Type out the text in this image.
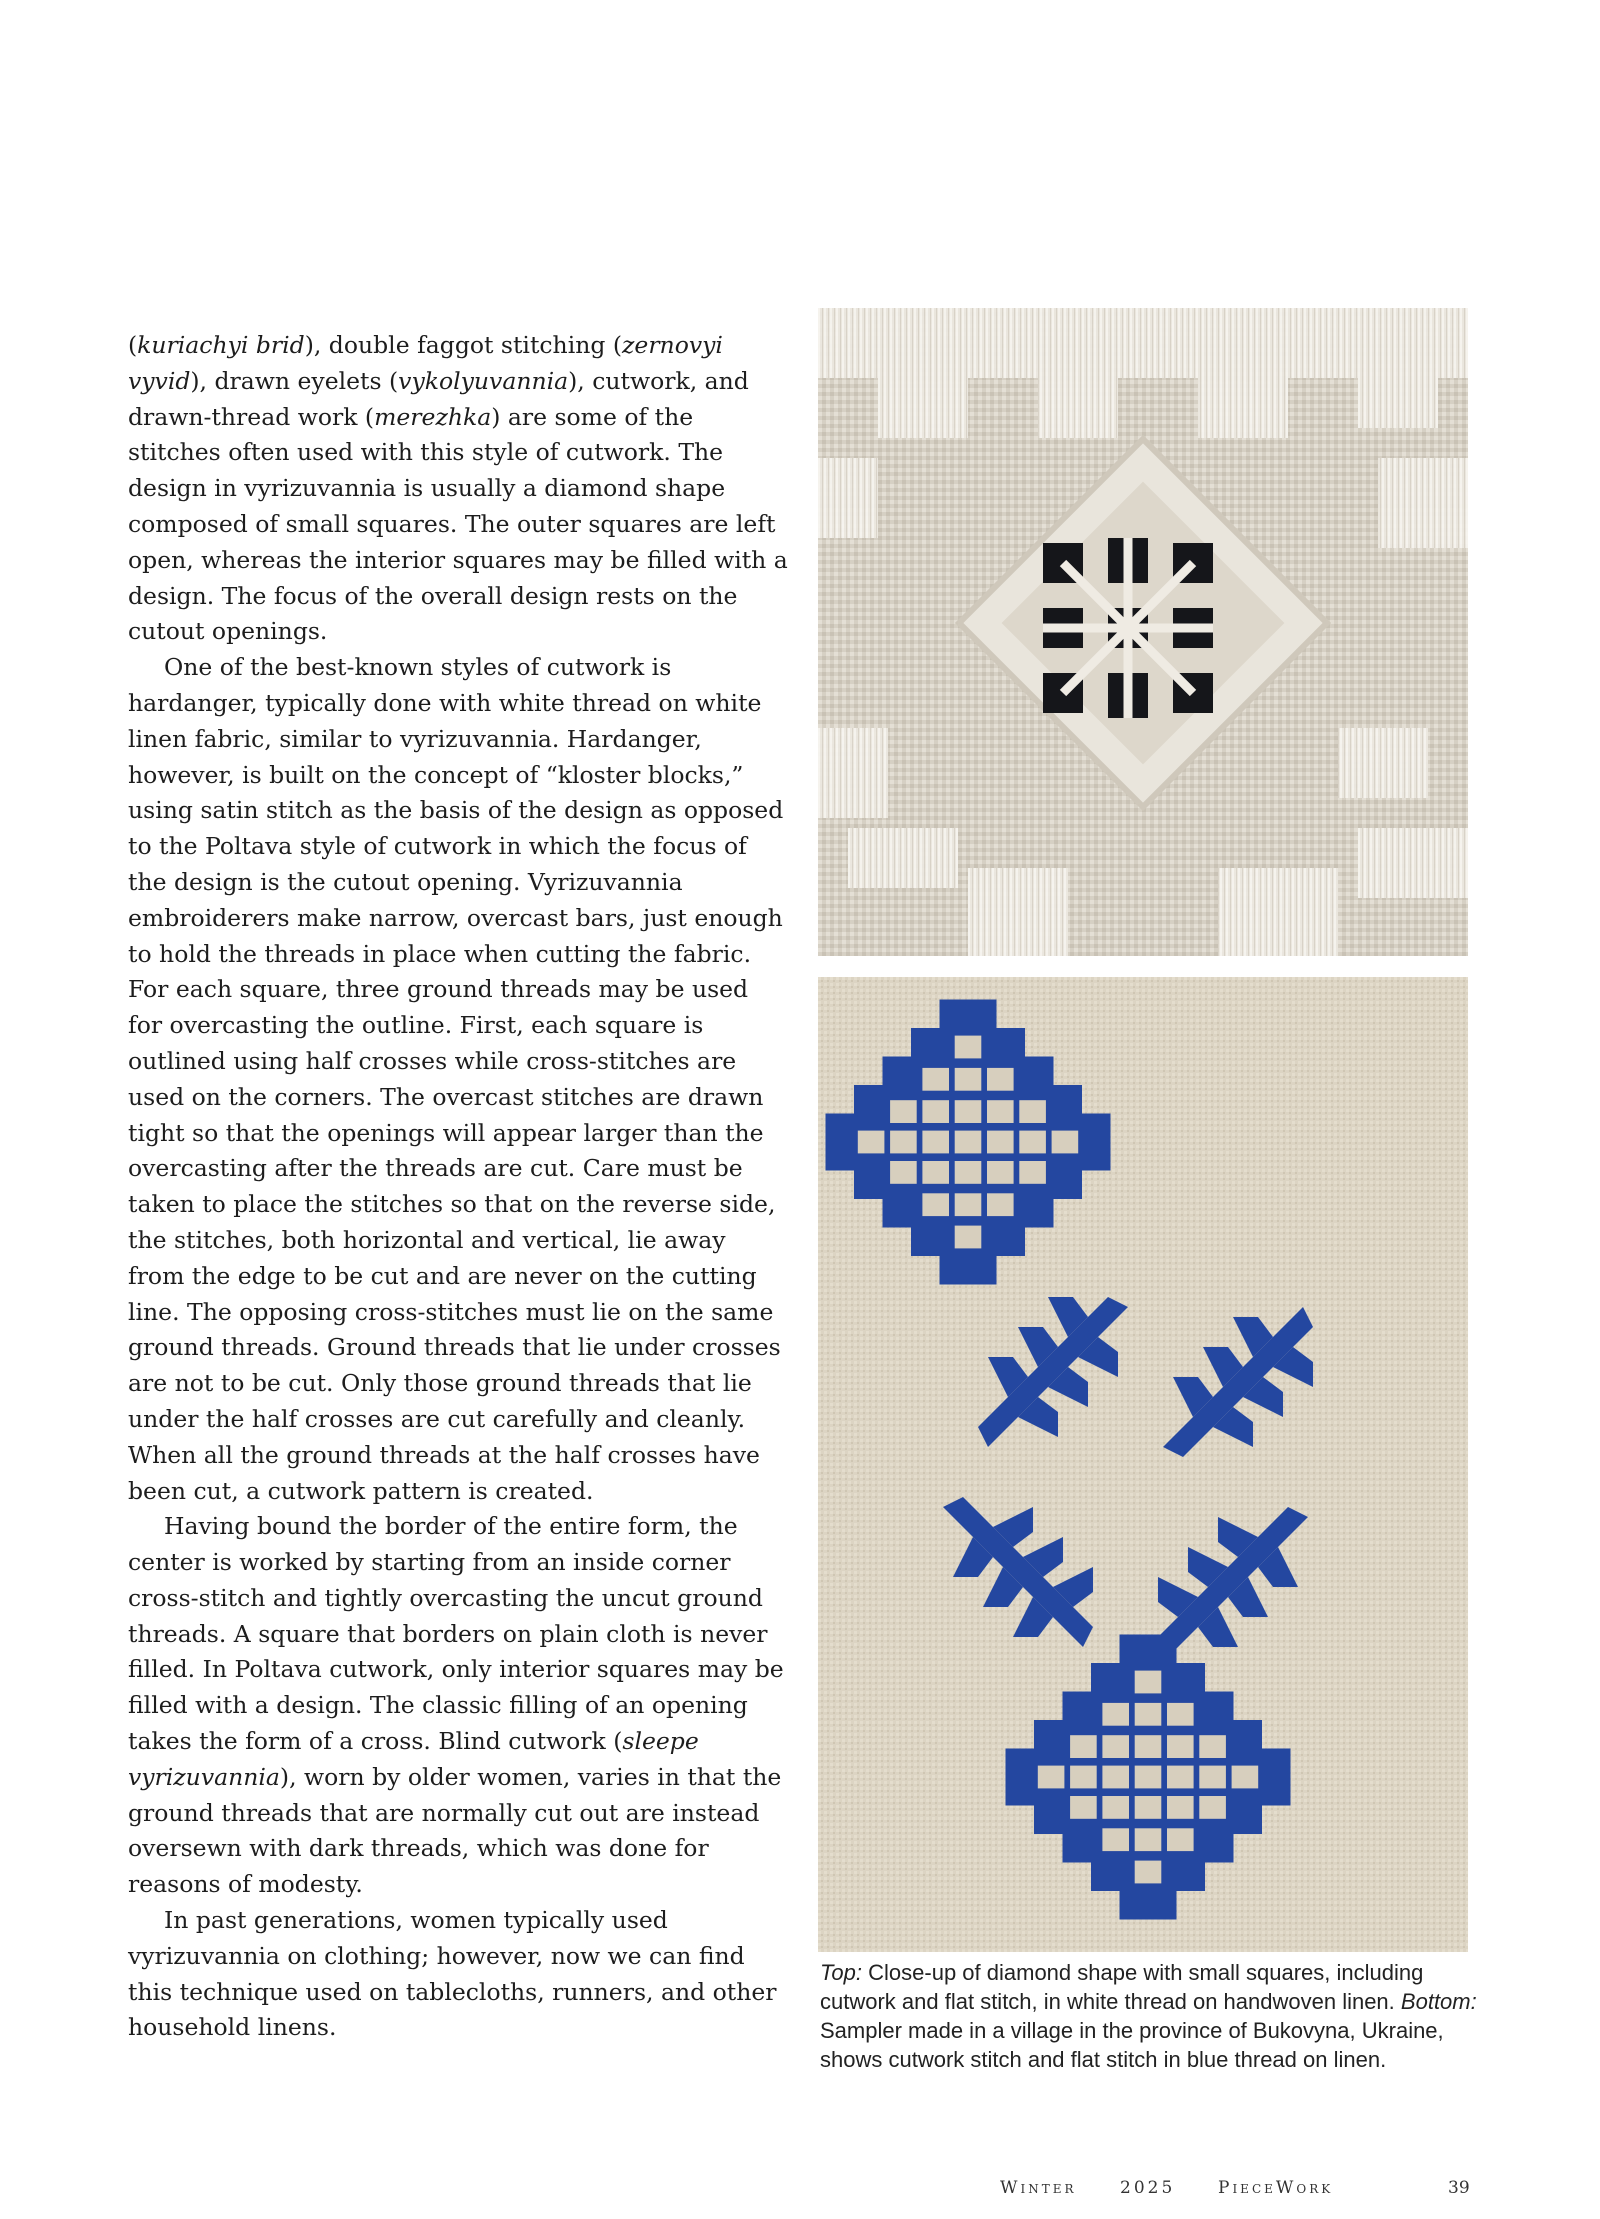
(kuriachyi brid), double faggot stitching (zernovyi vyvid), drawn eyelets (vykolyuvannia), cutwork, and drawn-thread work (merezhka) are some of the stitches often used with this style of cutwork. The design in vyrizuvannia is usually a diamond shape composed of small squares. The outer squares are left open, whereas the interior squares may be filled with a design. The focus of the overall design rests on the cutout openings.

One of the best-known styles of cutwork is hardanger, typically done with white thread on white linen fabric, similar to vyrizuvannia. Hardanger, however, is built on the concept of “kloster blocks,” using satin stitch as the basis of the design as opposed to the Poltava style of cutwork in which the focus of the design is the cutout opening. Vyrizuvannia embroiderers make narrow, overcast bars, just enough to hold the threads in place when cutting the fabric. For each square, three ground threads may be used for overcasting the outline. First, each square is outlined using half crosses while cross-stitches are used on the corners. The overcast stitches are drawn tight so that the openings will appear larger than the overcasting after the threads are cut. Care must be taken to place the stitches so that on the reverse side, the stitches, both horizontal and vertical, lie away from the edge to be cut and are never on the cutting line. The opposing cross-stitches must lie on the same ground threads. Ground threads that lie under crosses are not to be cut. Only those ground threads that lie under the half crosses are cut carefully and cleanly. When all the ground threads at the half crosses have been cut, a cutwork pattern is created.

Having bound the border of the entire form, the center is worked by starting from an inside corner cross-stitch and tightly overcasting the uncut ground threads. A square that borders on plain cloth is never filled. In Poltava cutwork, only interior squares may be filled with a design. The classic filling of an opening takes the form of a cross. Blind cutwork (sleepe vyrizuvannia), worn by older women, varies in that the ground threads that are normally cut out are instead oversewn with dark threads, which was done for reasons of modesty.

In past generations, women typically used vyrizuvannia on clothing; however, now we can find this technique used on tablecloths, runners, and other household linens.

Top: Close-up of diamond shape with small squares, including cutwork and flat stitch, in white thread on handwoven linen. Bottom: Sampler made in a village in the province of Bukovyna, Ukraine, shows cutwork stitch and flat stitch in blue thread on linen.
Winter	2025	PieceWork	39
